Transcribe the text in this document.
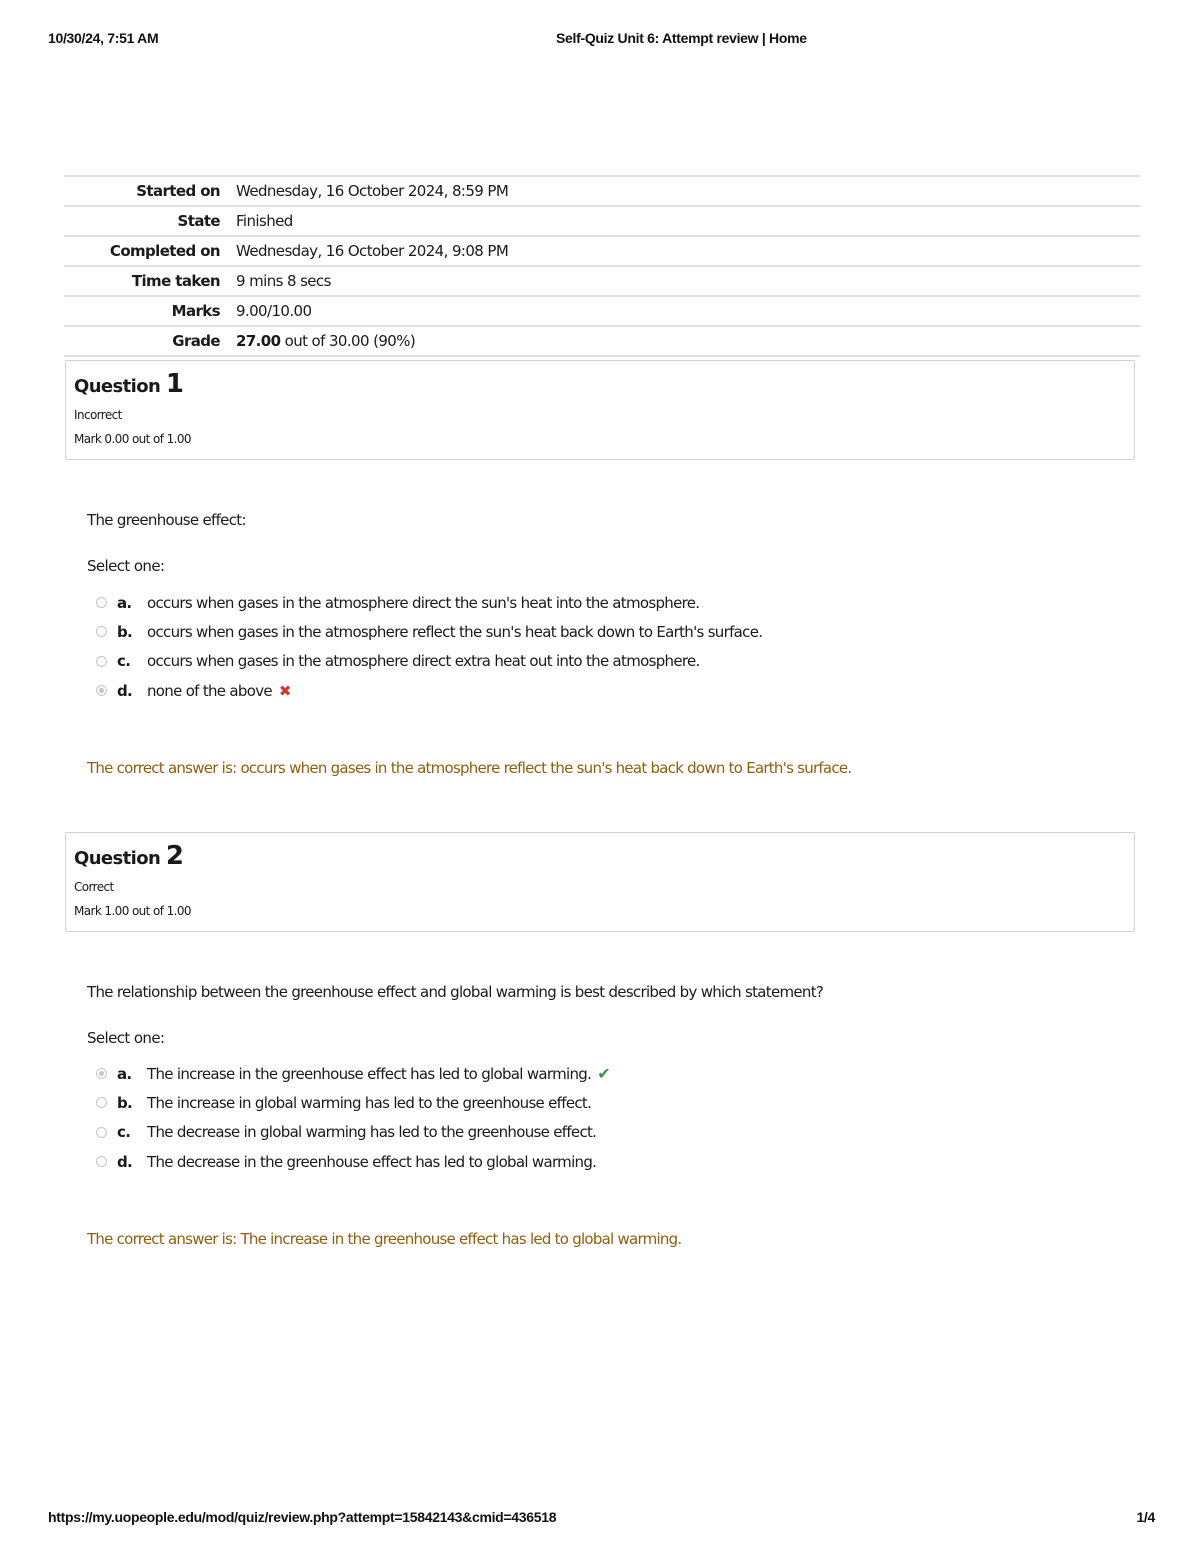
10/30/24, 7:51 AM	Self-Quiz Unit 6: Attempt review | Home
Started on	Wednesday, 16 October 2024, 8:59 PM
State	Finished
Completed on	Wednesday, 16 October 2024, 9:08 PM
Time taken	9 mins 8 secs
Marks	9.00/10.00
Grade	27.00 out of 30.00 (90%)
Question 1
Incorrect
Mark 0.00 out of 1.00
The greenhouse effect:
Select one:
a.	occurs when gases in the atmosphere direct the sun's heat into the atmosphere.
b. occurs when gases in the atmosphere reflect the sun's heat back down to Earth's surface.
c.	occurs when gases in the atmosphere direct extra heat out into the atmosphere.
d. none of the above ✖
The correct answer is: occurs when gases in the atmosphere reflect the sun's heat back down to Earth's surface.
Question 2
Correct
Mark 1.00 out of 1.00
The relationship between the greenhouse effect and global warming is best described by which statement?
Select one:
a.	The increase in the greenhouse effect has led to global warming. ✔
b. The increase in global warming has led to the greenhouse effect.
c.	The decrease in global warming has led to the greenhouse effect.
d. The decrease in the greenhouse effect has led to global warming.
The correct answer is: The increase in the greenhouse effect has led to global warming.
https://my.uopeople.edu/mod/quiz/review.php?attempt=15842143&cmid=436518	1/4
